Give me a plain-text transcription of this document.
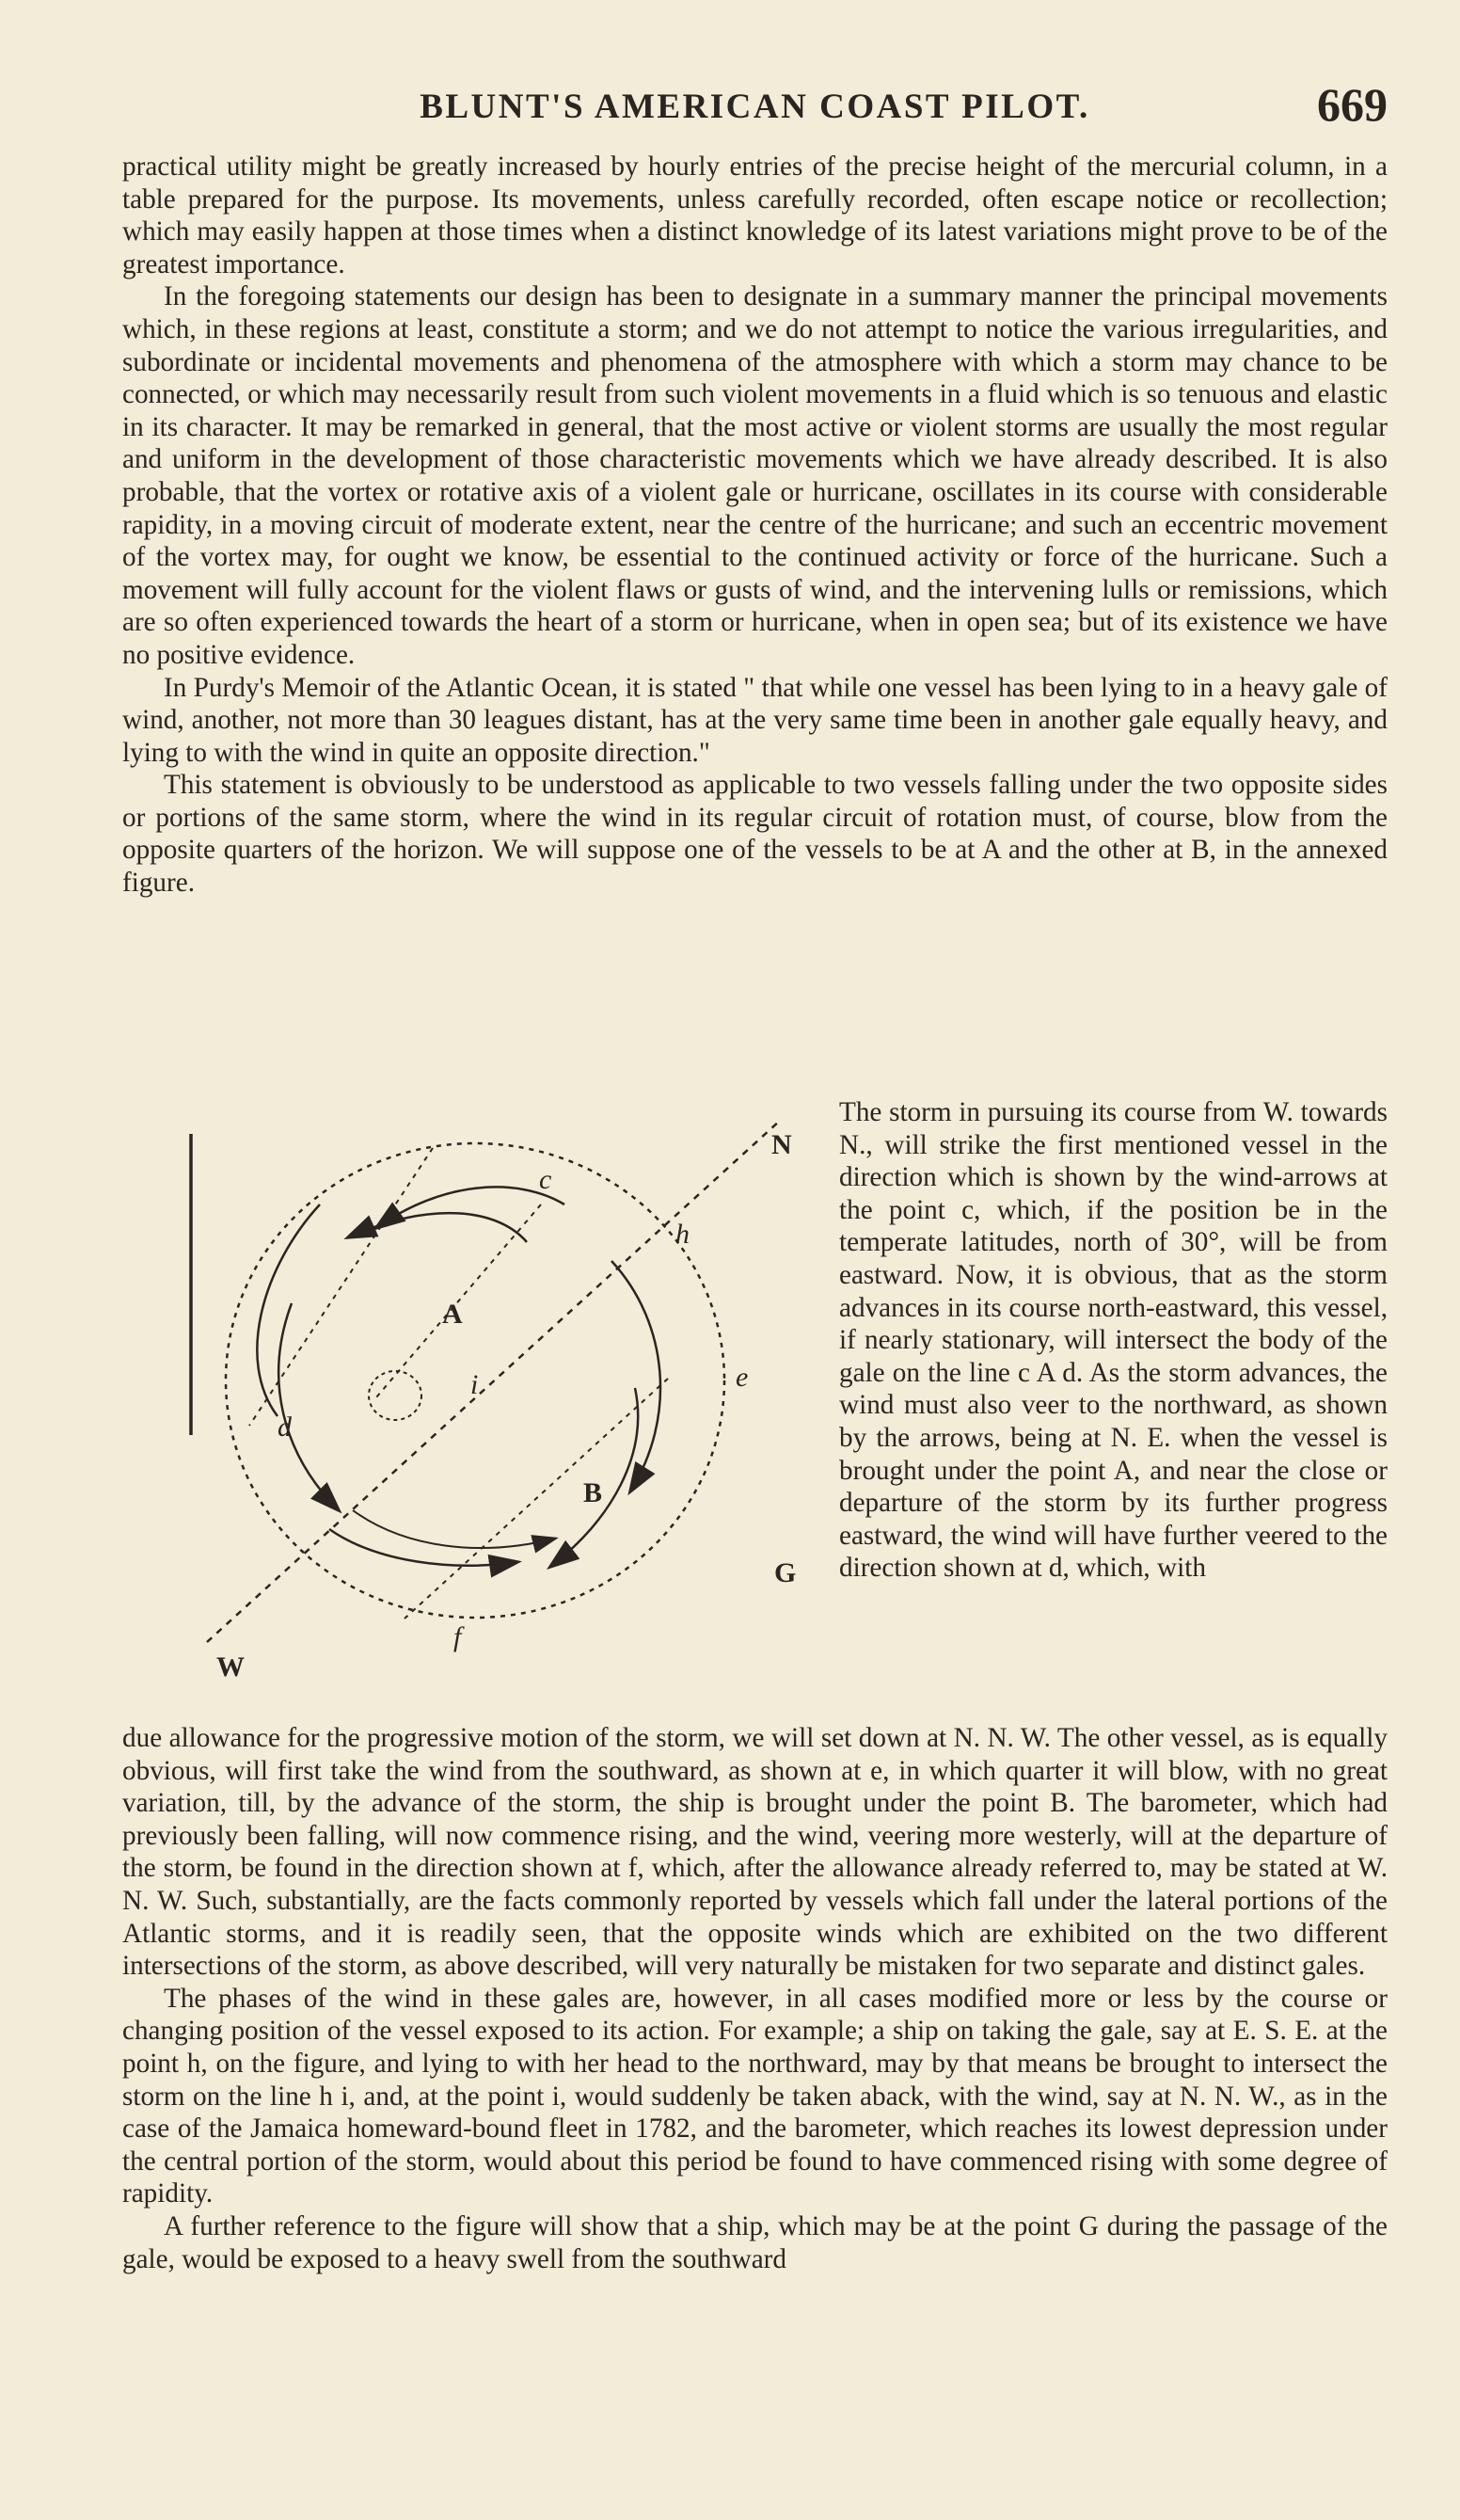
BLUNT'S AMERICAN COAST PILOT.	669

practical utility might be greatly increased by hourly entries of the precise height of the mercurial column, in a table prepared for the purpose. Its movements, unless carefully recorded, often escape notice or recollection; which may easily happen at those times when a distinct knowledge of its latest variations might prove to be of the greatest importance.

In the foregoing statements our design has been to designate in a summary manner the principal movements which, in these regions at least, constitute a storm; and we do not attempt to notice the various irregularities, and subordinate or incidental movements and phenomena of the atmosphere with which a storm may chance to be connected, or which may necessarily result from such violent movements in a fluid which is so tenuous and elastic in its character. It may be remarked in general, that the most active or violent storms are usually the most regular and uniform in the development of those characteristic movements which we have already described. It is also probable, that the vortex or rotative axis of a violent gale or hurricane, oscillates in its course with considerable rapidity, in a moving circuit of moderate extent, near the centre of the hurricane; and such an eccentric movement of the vortex may, for ought we know, be essential to the continued activity or force of the hurricane. Such a movement will fully account for the violent flaws or gusts of wind, and the intervening lulls or remissions, which are so often experienced towards the heart of a storm or hurricane, when in open sea; but of its existence we have no positive evidence.

In Purdy's Memoir of the Atlantic Ocean, it is stated " that while one vessel has been lying to in a heavy gale of wind, another, not more than 30 leagues distant, has at the very same time been in another gale equally heavy, and lying to with the wind in quite an opposite direction."

This statement is obviously to be understood as applicable to two vessels falling under the two opposite sides or portions of the same storm, where the wind in its regular circuit of rotation must, of course, blow from the opposite quarters of the horizon. We will suppose one of the vessels to be at A and the other at B, in the annexed figure.

N
W
G
A
B
c
d
e
f
h
i

The storm in pursuing its course from W. towards N., will strike the first mentioned vessel in the direction which is shown by the wind-arrows at the point c, which, if the position be in the temperate latitudes, north of 30°, will be from eastward. Now, it is obvious, that as the storm advances in its course north-eastward, this vessel, if nearly stationary, will intersect the body of the gale on the line c A d. As the storm advances, the wind must also veer to the northward, as shown by the arrows, being at N. E. when the vessel is brought under the point A, and near the close or departure of the storm by its further progress eastward, the wind will have further veered to the direction shown at d, which, with

due allowance for the progressive motion of the storm, we will set down at N. N. W. The other vessel, as is equally obvious, will first take the wind from the southward, as shown at e, in which quarter it will blow, with no great variation, till, by the advance of the storm, the ship is brought under the point B. The barometer, which had previously been falling, will now commence rising, and the wind, veering more westerly, will at the departure of the storm, be found in the direction shown at f, which, after the allowance already referred to, may be stated at W. N. W. Such, substantially, are the facts commonly reported by vessels which fall under the lateral portions of the Atlantic storms, and it is readily seen, that the opposite winds which are exhibited on the two different intersections of the storm, as above described, will very naturally be mistaken for two separate and distinct gales.

The phases of the wind in these gales are, however, in all cases modified more or less by the course or changing position of the vessel exposed to its action. For example; a ship on taking the gale, say at E. S. E. at the point h, on the figure, and lying to with her head to the northward, may by that means be brought to intersect the storm on the line h i, and, at the point i, would suddenly be taken aback, with the wind, say at N. N. W., as in the case of the Jamaica homeward-bound fleet in 1782, and the barometer, which reaches its lowest depression under the central portion of the storm, would about this period be found to have commenced rising with some degree of rapidity.

A further reference to the figure will show that a ship, which may be at the point G during the passage of the gale, would be exposed to a heavy swell from the southward
